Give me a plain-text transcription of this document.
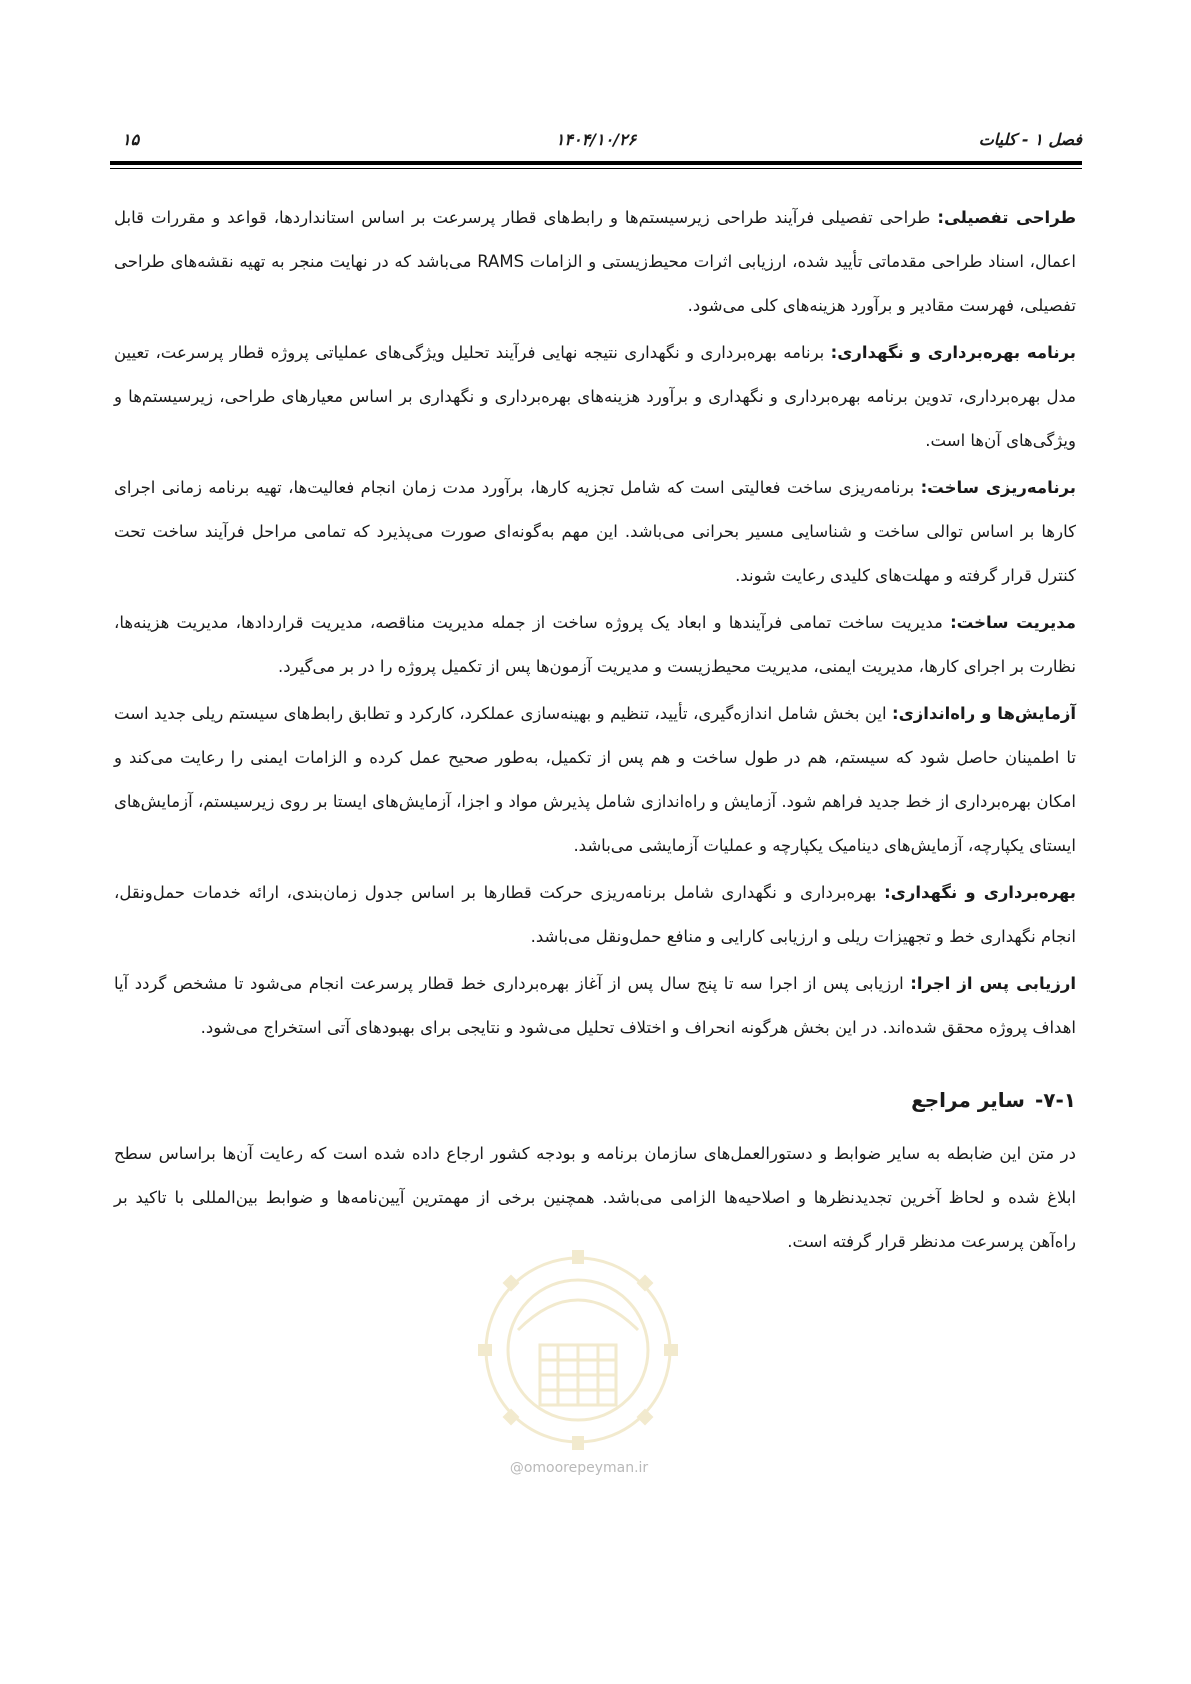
فصل ۱ - کلیات
۱۴۰۴/۱۰/۲۶
۱۵

طراحی تفصیلی: طراحی تفصیلی فرآیند طراحی زیرسیستم‌ها و رابط‌های قطار پرسرعت بر اساس استانداردها، قواعد و مقررات قابل اعمال، اسناد طراحی مقدماتی تأیید شده، ارزیابی اثرات محیط‌زیستی و الزامات RAMS می‌باشد که در نهایت منجر به تهیه نقشه‌های طراحی تفصیلی، فهرست مقادیر و برآورد هزینه‌های کلی می‌شود.

برنامه بهره‌برداری و نگهداری: برنامه بهره‌برداری و نگهداری نتیجه نهایی فرآیند تحلیل ویژگی‌های عملیاتی پروژه قطار پرسرعت، تعیین مدل بهره‌برداری، تدوین برنامه بهره‌برداری و نگهداری و برآورد هزینه‌های بهره‌برداری و نگهداری بر اساس معیارهای طراحی، زیرسیستم‌ها و ویژگی‌های آن‌ها است.

برنامه‌ریزی ساخت: برنامه‌ریزی ساخت فعالیتی است که شامل تجزیه کارها، برآورد مدت زمان انجام فعالیت‌ها، تهیه برنامه زمانی اجرای کارها بر اساس توالی ساخت و شناسایی مسیر بحرانی می‌باشد. این مهم به‌گونه‌ای صورت می‌پذیرد که تمامی مراحل فرآیند ساخت تحت کنترل قرار گرفته و مهلت‌های کلیدی رعایت شوند.

مدیریت ساخت: مدیریت ساخت تمامی فرآیندها و ابعاد یک پروژه ساخت از جمله مدیریت مناقصه، مدیریت قراردادها، مدیریت هزینه‌ها، نظارت بر اجرای کارها، مدیریت ایمنی، مدیریت محیط‌زیست و مدیریت آزمون‌ها پس از تکمیل پروژه را در بر می‌گیرد.

آزمایش‌ها و راه‌اندازی: این بخش شامل اندازه‌گیری، تأیید، تنظیم و بهینه‌سازی عملکرد، کارکرد و تطابق رابط‌های سیستم ریلی جدید است تا اطمینان حاصل شود که سیستم، هم در طول ساخت و هم پس از تکمیل، به‌طور صحیح عمل کرده و الزامات ایمنی را رعایت می‌کند و امکان بهره‌برداری از خط جدید فراهم شود. آزمایش و راه‌اندازی شامل پذیرش مواد و اجزا، آزمایش‌های ایستا بر روی زیرسیستم، آزمایش‌های ایستای یکپارچه، آزمایش‌های دینامیک یکپارچه و عملیات آزمایشی می‌باشد.

بهره‌برداری و نگهداری: بهره‌برداری و نگهداری شامل برنامه‌ریزی حرکت قطارها بر اساس جدول زمان‌بندی، ارائه خدمات حمل‌ونقل، انجام نگهداری خط و تجهیزات ریلی و ارزیابی کارایی و منافع حمل‌ونقل می‌باشد.

ارزیابی پس از اجرا: ارزیابی پس از اجرا سه تا پنج سال پس از آغاز بهره‌برداری خط قطار پرسرعت انجام می‌شود تا مشخص گردد آیا اهداف پروژه محقق شده‌اند. در این بخش هرگونه انحراف و اختلاف تحلیل می‌شود و نتایجی برای بهبودهای آتی استخراج می‌شود.

۷-۱-سایر مراجع

در متن این ضابطه به سایر ضوابط و دستورالعمل‌های سازمان برنامه و بودجه کشور ارجاع داده شده است که رعایت آن‌ها براساس سطح ابلاغ شده و لحاظ آخرین تجدیدنظرها و اصلاحیه‌ها الزامی می‌باشد. همچنین برخی از مهمترین آیین‌نامه‌ها و ضوابط بین‌المللی با تاکید بر راه‌آهن پرسرعت مدنظر قرار گرفته است.

@omoorepeyman.ir
